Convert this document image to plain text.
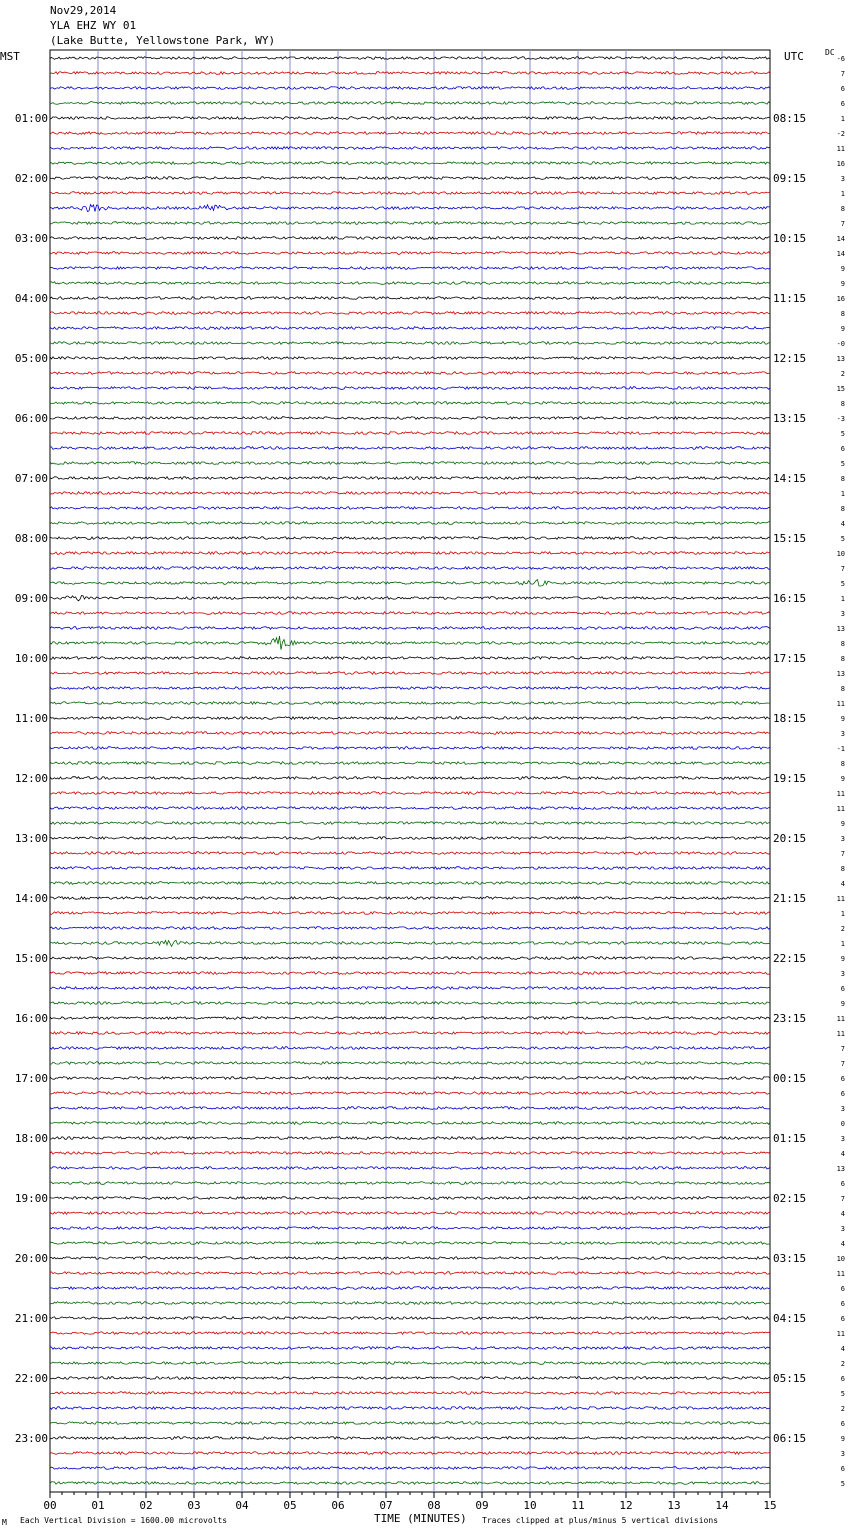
Nov29,2014
YLA EHZ WY 01
(Lake Butte, Yellowstone Park, WY)
MST	UTC	DC
-6
7
6
6
1
-2
11
16
3
1
8
7
14
14
9
9
16
8
9
-0
13
2
15
8
-3
5
6
5
8
1
8
4
5
10
7
5
1
3
13
8
8
13
8
11
9
3
-1
8
9
11
11
9
3
7
8
4
11
1
2
1
9
3
6
9
11
11
7
7
6
6
3
0
3
4
13
6
7
4
3
4
10
11
6
6
6
11
4
2
6
5
2
6
9
3
6
5
01:00
02:00
03:00
04:00
05:00
06:00
07:00
08:00
09:00
10:00
11:00
12:00
13:00
14:00
15:00
16:00
17:00
18:00
19:00
20:00
21:00
22:00
23:00
08:15
09:15
10:15
11:15
12:15
13:15
14:15
15:15
16:15
17:15
18:15
19:15
20:15
21:15
22:15
23:15
00:15
01:15
02:15
03:15
04:15
05:15
06:15
00	01	02	03	04	05	06	07	08	09	10	11	12	13	14	15
M Each Vertical Division = 1600.00 microvolts	TIME (MINUTES) Traces clipped at plus/minus 5 vertical divisions
